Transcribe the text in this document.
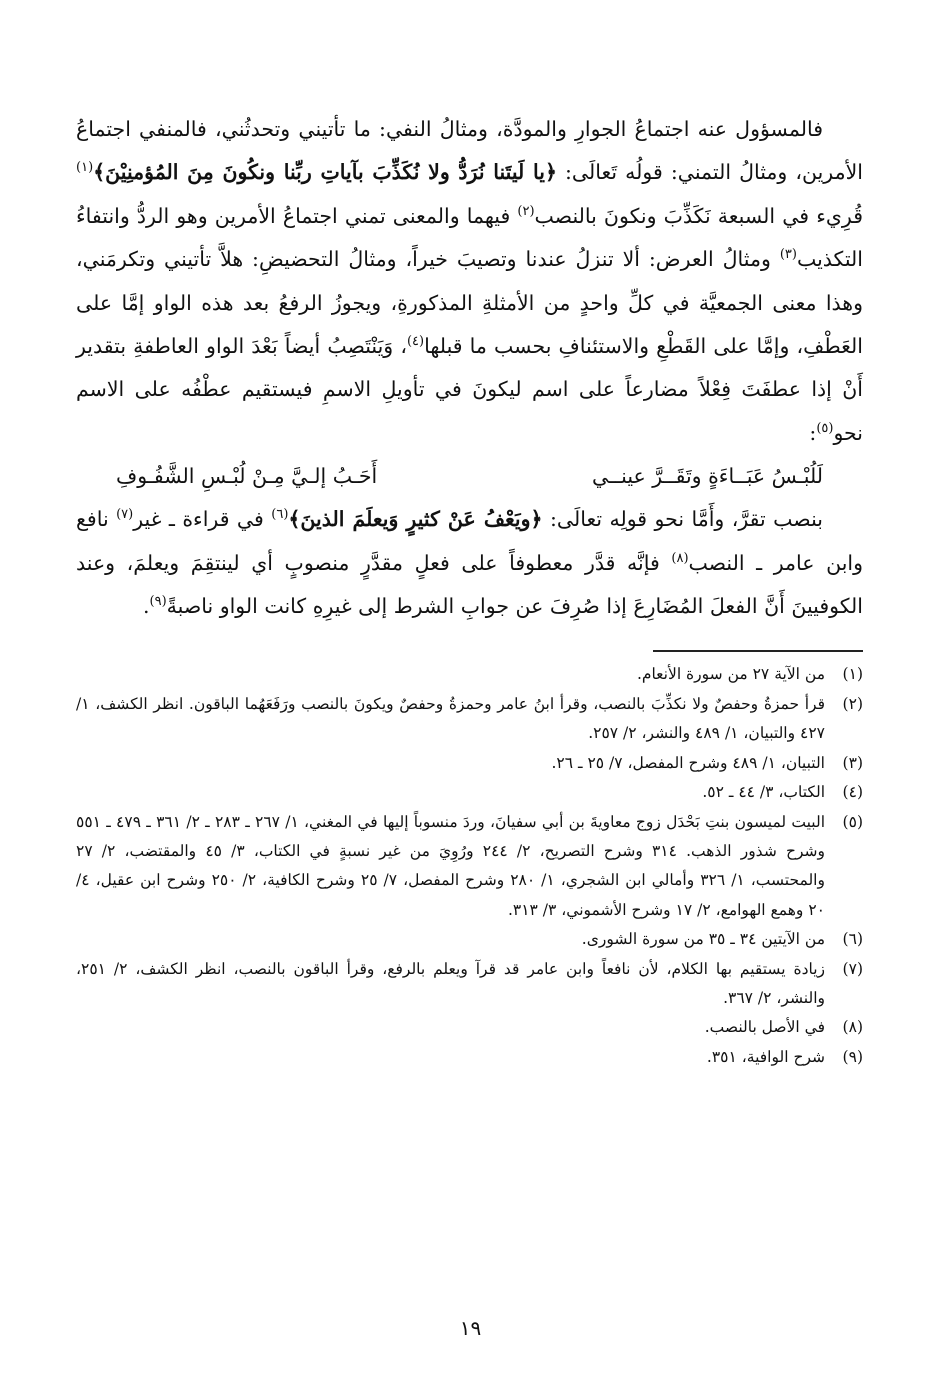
فالمسؤول عنه اجتماعُ الجوارِ والمودَّة، ومثالُ النفي: ما تأتيني وتحدثُني، فالمنفي اجتماعُ الأمرين، ومثالُ التمني: قولُه تَعالَى: ﴿يا لَيتَنا نُرَدُّ ولا نُكَذِّبَ بآياتِ ربِّنا ونكُونَ مِنَ المُؤمنِيْنَ﴾$^{(١)}$ قُرِيء في السبعة نَكَذِّبَ ونكونَ بالنصب$^{(٢)}$ فيهما والمعنى تمني اجتماعُ الأمرين وهو الردُّ وانتفاءُ التكذيب$^{(٣)}$ ومثالُ العرض: ألا تنزلُ عندنا وتصيبَ خيراً، ومثالُ التحضيضِ: هلاَّ تأتيني وتكرمَني، وهذا معنى الجمعيَّة في كلِّ واحدٍ من الأمثلةِ المذكورةِ، ويجوزُ الرفعُ بعد هذه الواو إمَّا على العَطْفِ، وإمَّا على القَطْعِ والاستئنافِ بحسب ما قبلها$^{(٤)}$، وَيَنْتَصِبُ أيضاً بَعْدَ الواو العاطفةِ بتقدير أَنْ إذا عطفَتَ فِعْلاً مضارعاً على اسم ليكونَ في تأويلِ الاسمِ فيستقيم عطْفُه على الاسم نحو$^{(٥)}$:

لَلُبْـسُ عَبَــاءَةٍ وتَقَــرَّ عينــي
أَحَـبُ إلـيَّ مِـنْ لُبْـسِ الشَّفُـوفِ

بنصب تقرَّ، وأَمَّا نحو قولِه تعالَى: ﴿ويَعْفُ عَنْ كثيرٍ وَيعلَمَ الذينَ﴾$^{(٦)}$ في قراءة ـ غير$^{(٧)}$ نافع وابن عامر ـ النصب$^{(٨)}$ فإنَّه قدَّر معطوفاً على فعلٍ مقدَّرٍ منصوبٍ أي لينتقِمَ ويعلمَ، وعند الكوفيينَ أَنَّ الفعلَ المُضَارِعَ إذا صُرِفَ عن جوابِ الشرط إلى غيرِهِ كانت الواو ناصبةً$^{(٩)}$.

(١)
من الآية ٢٧ من سورة الأنعام.
(٢)
قرأ حمزةُ وحفصٌ ولا نكذِّبَ بالنصب، وقرأ ابنُ عامر وحمزةُ وحفصٌ ويكونَ بالنصب ورَفَعَهُما الباقون. انظر الكشف، ١/ ٤٢٧ والتبيان، ١/ ٤٨٩ والنشر، ٢/ ٢٥٧.
(٣)
التبيان، ١/ ٤٨٩ وشرح المفصل، ٧/ ٢٥ ـ ٢٦.
(٤)
الكتاب، ٣/ ٤٤ ـ ٥٢.
(٥)
البيت لميسون بنتِ بَحْدَل زوج معاويةَ بن أبي سفيانَ، وردَ منسوباً إليها في المغني، ١/ ٢٦٧ ـ ٢٨٣ ـ ٢/ ٣٦١ ـ ٤٧٩ ـ ٥٥١ وشرح شذور الذهب. ٣١٤ وشرح التصريح، ٢/ ٢٤٤ ورُوِيَ من غير نسبةٍ في الكتاب، ٣/ ٤٥ والمقتضب، ٢/ ٢٧ والمحتسب، ١/ ٣٢٦ وأمالي ابن الشجري، ١/ ٢٨٠ وشرح المفصل، ٧/ ٢٥ وشرح الكافية، ٢/ ٢٥٠ وشرح ابن عقيل، ٤/ ٢٠ وهمع الهوامع، ٢/ ١٧ وشرح الأشموني، ٣/ ٣١٣.
(٦)
من الآيتين ٣٤ ـ ٣٥ من سورة الشورى.
(٧)
زيادة يستقيم بها الكلام، لأن نافعاً وابن عامر قد قرآ ويعلم بالرفع، وقرأ الباقون بالنصب، انظر الكشف، ٢/ ٢٥١، والنشر، ٢/ ٣٦٧.
(٨)
في الأصل بالنصب.
(٩)
شرح الوافية، ٣٥١.
١٩
